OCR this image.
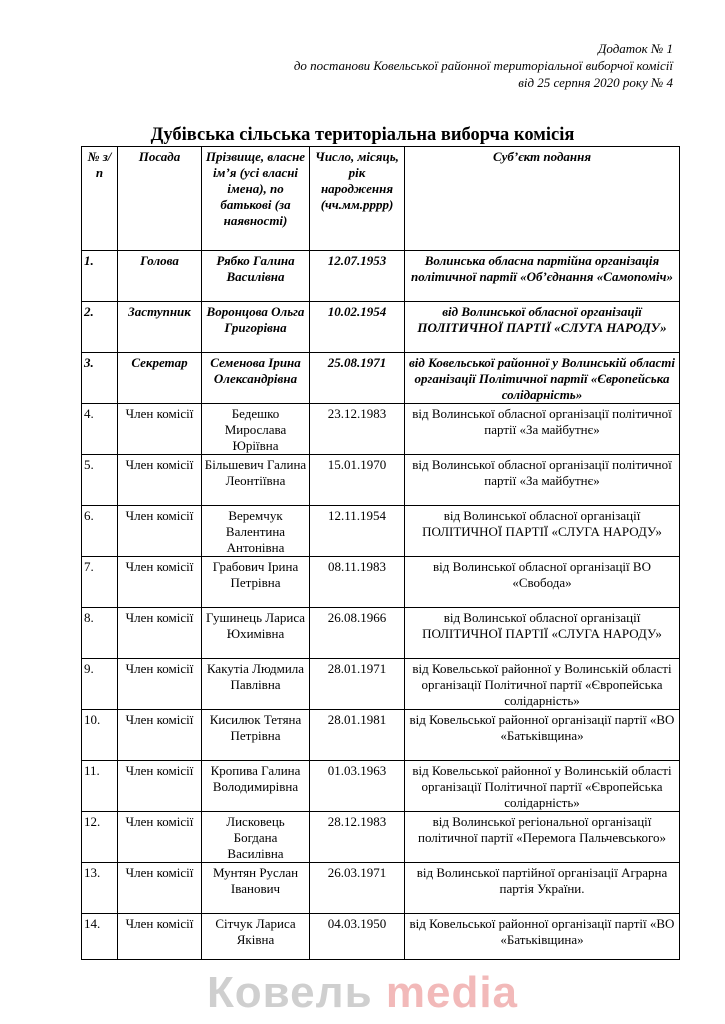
Додаток № 1
до постанови Ковельської районної територіальної виборчої комісії
від 25 серпня 2020 року № 4
Дубівська сільська територіальна виборча комісія
№ з/п	Посада	Прізвище, власне ім’я (усі власні імена), по батькові (за наявності)	Число, місяць, рік народження (чч.мм.рррр)	Суб’єкт подання
1.	Голова	Рябко Галина Василівна	12.07.1953	Волинська обласна партійна організація політичної партії «Об’єднання «Самопоміч»
2.	Заступник	Воронцова Ольга Григорівна	10.02.1954	від Волинської обласної організації ПОЛІТИЧНОЇ ПАРТІЇ «СЛУГА НАРОДУ»
3.	Секретар	Семенова Ірина Олександрівна	25.08.1971	від Ковельської районної у Волинській області організації Політичної партії «Європейська солідарність»
4.	Член комісії	Бедешко Мирослава Юріївна	23.12.1983	від Волинської обласної організації політичної партії «За майбутнє»
5.	Член комісії	Більшевич Галина Леонтіївна	15.01.1970	від Волинської обласної організації політичної партії «За майбутнє»
6.	Член комісії	Веремчук Валентина Антонівна	12.11.1954	від Волинської обласної організації ПОЛІТИЧНОЇ ПАРТІЇ «СЛУГА НАРОДУ»
7.	Член комісії	Грабович Ірина Петрівна	08.11.1983	від Волинської обласної організації ВО «Свобода»
8.	Член комісії	Гушинець Лариса Юхимівна	26.08.1966	від Волинської обласної організації ПОЛІТИЧНОЇ ПАРТІЇ «СЛУГА НАРОДУ»
9.	Член комісії	Какутіа Людмила Павлівна	28.01.1971	від Ковельської районної у Волинській області організації Політичної партії «Європейська солідарність»
10.	Член комісії	Кисилюк Тетяна Петрівна	28.01.1981	від Ковельської районної організації партії «ВО «Батьківщина»
11.	Член комісії	Кропива Галина Володимирівна	01.03.1963	від Ковельської районної у Волинській області організації Політичної партії «Європейська солідарність»
12.	Член комісії	Лисковець Богдана Василівна	28.12.1983	від Волинської регіональної організації політичної партії «Перемога Пальчевського»
13.	Член комісії	Мунтян Руслан Іванович	26.03.1971	від Волинської партійної організації Аграрна партія України.
14.	Член комісії	Сітчук Лариса Яківна	04.03.1950	від Ковельської районної організації партії «ВО «Батьківщина»
Ковель media
